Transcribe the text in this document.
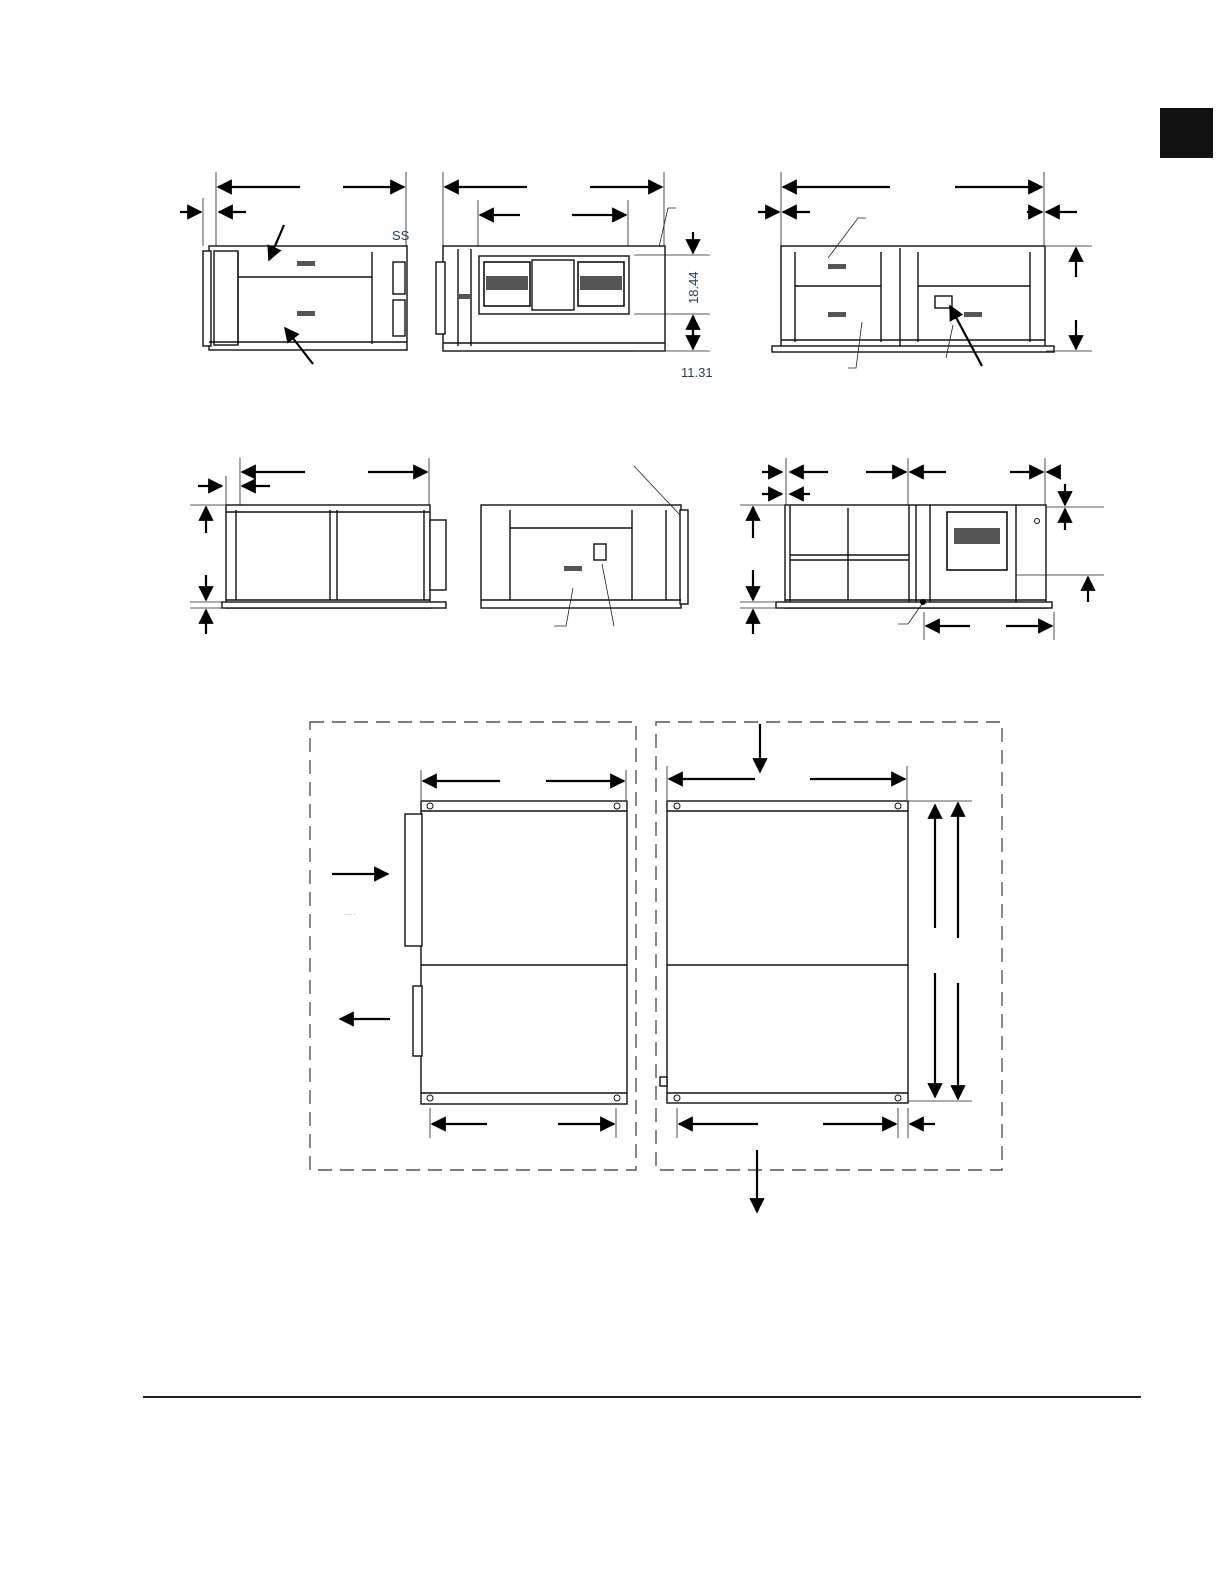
SS
18.44
11.31
· ··· ·
